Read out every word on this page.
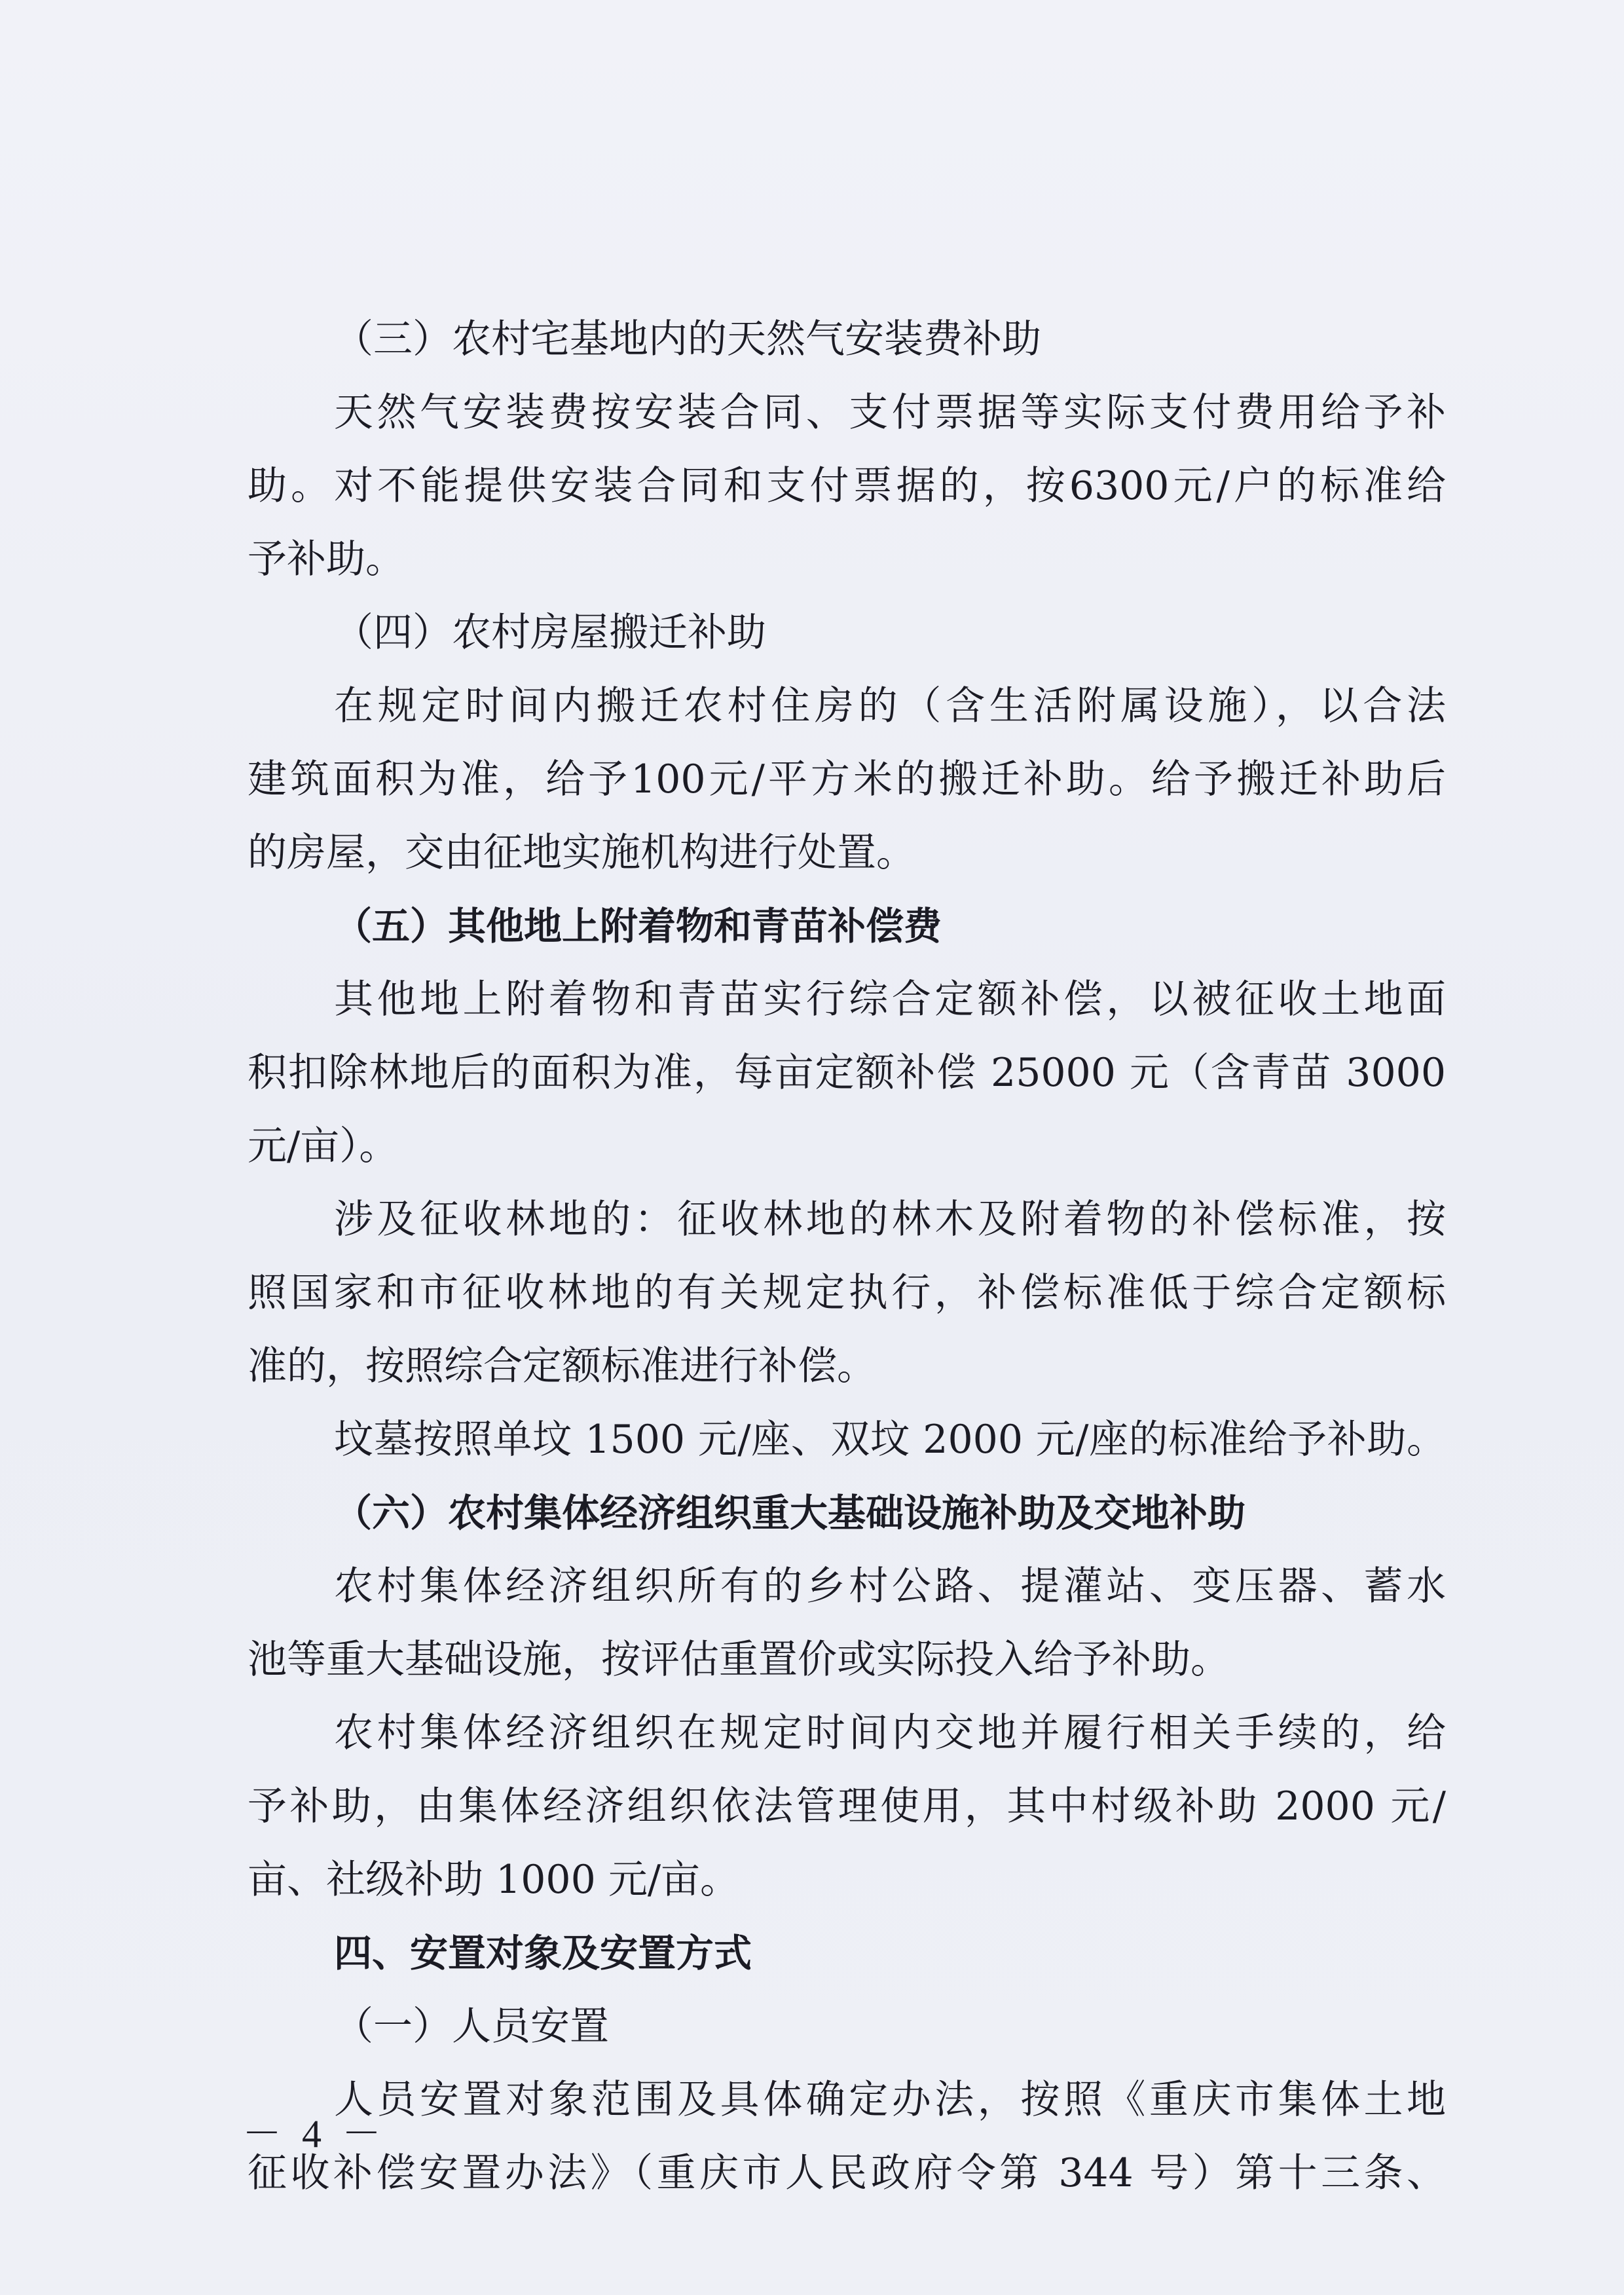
（三）农村宅基地内的天然气安装费补助
天然气安装费按安装合同、支付票据等实际支付费用给予补
助。对不能提供安装合同和支付票据的，按6300元/户的标准给
予补助。
（四）农村房屋搬迁补助
在规定时间内搬迁农村住房的（含生活附属设施），以合法
建筑面积为准，给予100元/平方米的搬迁补助。给予搬迁补助后
的房屋，交由征地实施机构进行处置。
（五）其他地上附着物和青苗补偿费
其他地上附着物和青苗实行综合定额补偿，以被征收土地面
积扣除林地后的面积为准，每亩定额补偿 25000 元（含青苗 3000
元/亩）。
涉及征收林地的：征收林地的林木及附着物的补偿标准，按
照国家和市征收林地的有关规定执行，补偿标准低于综合定额标
准的，按照综合定额标准进行补偿。
坟墓按照单坟 1500 元/座、双坟 2000 元/座的标准给予补助。
（六）农村集体经济组织重大基础设施补助及交地补助
农村集体经济组织所有的乡村公路、提灌站、变压器、蓄水
池等重大基础设施，按评估重置价或实际投入给予补助。
农村集体经济组织在规定时间内交地并履行相关手续的，给
予补助，由集体经济组织依法管理使用，其中村级补助 2000 元/
亩、社级补助 1000 元/亩。
四、安置对象及安置方式
（一）人员安置
人员安置对象范围及具体确定办法，按照《重庆市集体土地
征收补偿安置办法》（重庆市人民政府令第 344 号）第十三条、
－ 4 －
